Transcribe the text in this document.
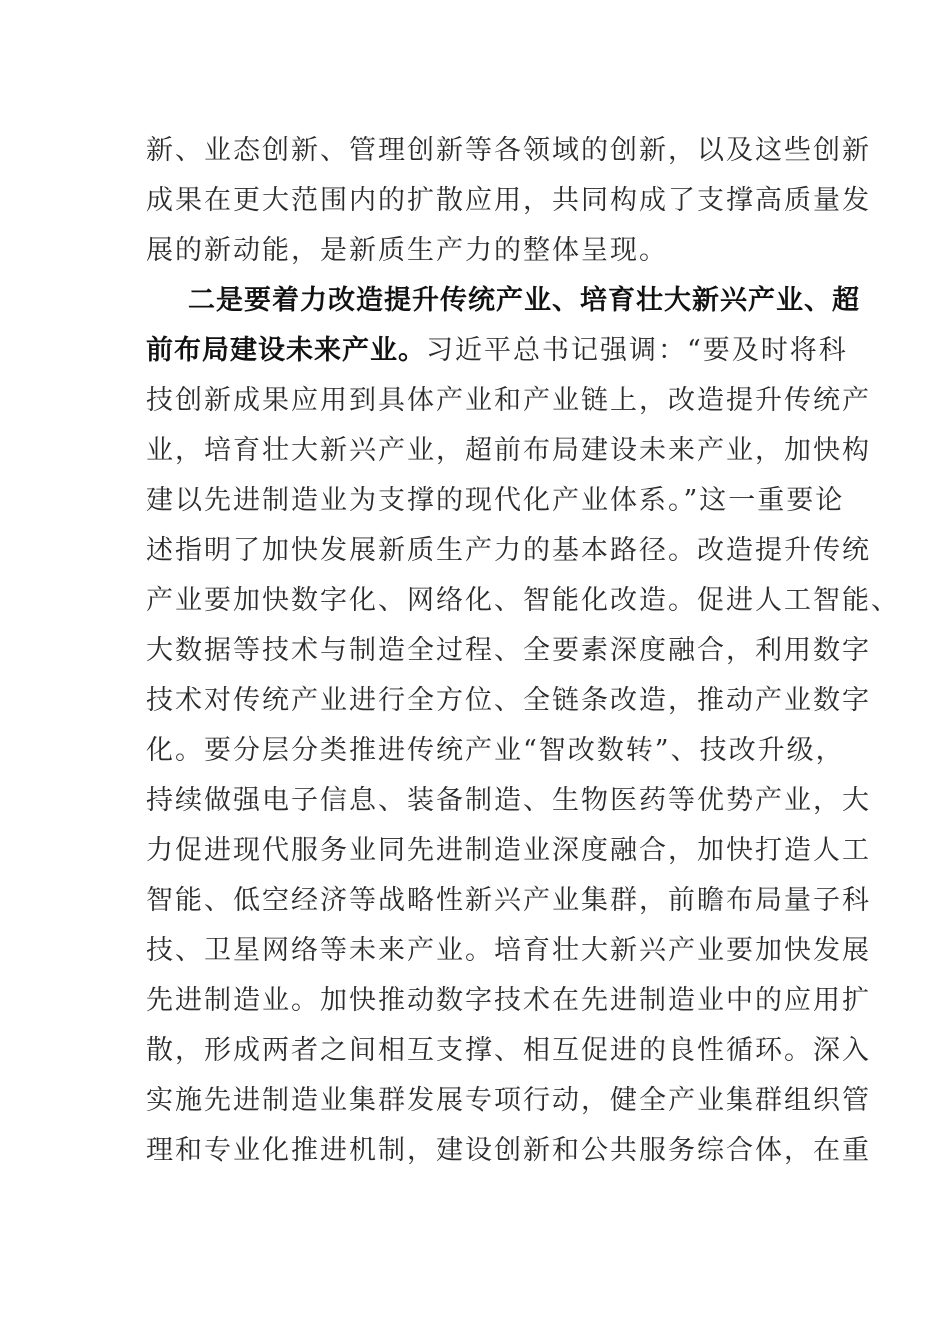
新、业态创新、管理创新等各领域的创新，以及这些创新
成果在更大范围内的扩散应用，共同构成了支撑高质量发
展的新动能，是新质生产力的整体呈现。
二是要着力改造提升传统产业、培育壮大新兴产业、超
前布局建设未来产业。习近平总书记强调：“要及时将科
技创新成果应用到具体产业和产业链上，改造提升传统产
业，培育壮大新兴产业，超前布局建设未来产业，加快构
建以先进制造业为支撑的现代化产业体系。”这一重要论
述指明了加快发展新质生产力的基本路径。改造提升传统
产业要加快数字化、网络化、智能化改造。促进人工智能、
大数据等技术与制造全过程、全要素深度融合，利用数字
技术对传统产业进行全方位、全链条改造，推动产业数字
化。要分层分类推进传统产业“智改数转”、技改升级，
持续做强电子信息、装备制造、生物医药等优势产业，大
力促进现代服务业同先进制造业深度融合，加快打造人工
智能、低空经济等战略性新兴产业集群，前瞻布局量子科
技、卫星网络等未来产业。培育壮大新兴产业要加快发展
先进制造业。加快推动数字技术在先进制造业中的应用扩
散，形成两者之间相互支撑、相互促进的良性循环。深入
实施先进制造业集群发展专项行动，健全产业集群组织管
理和专业化推进机制，建设创新和公共服务综合体，在重
